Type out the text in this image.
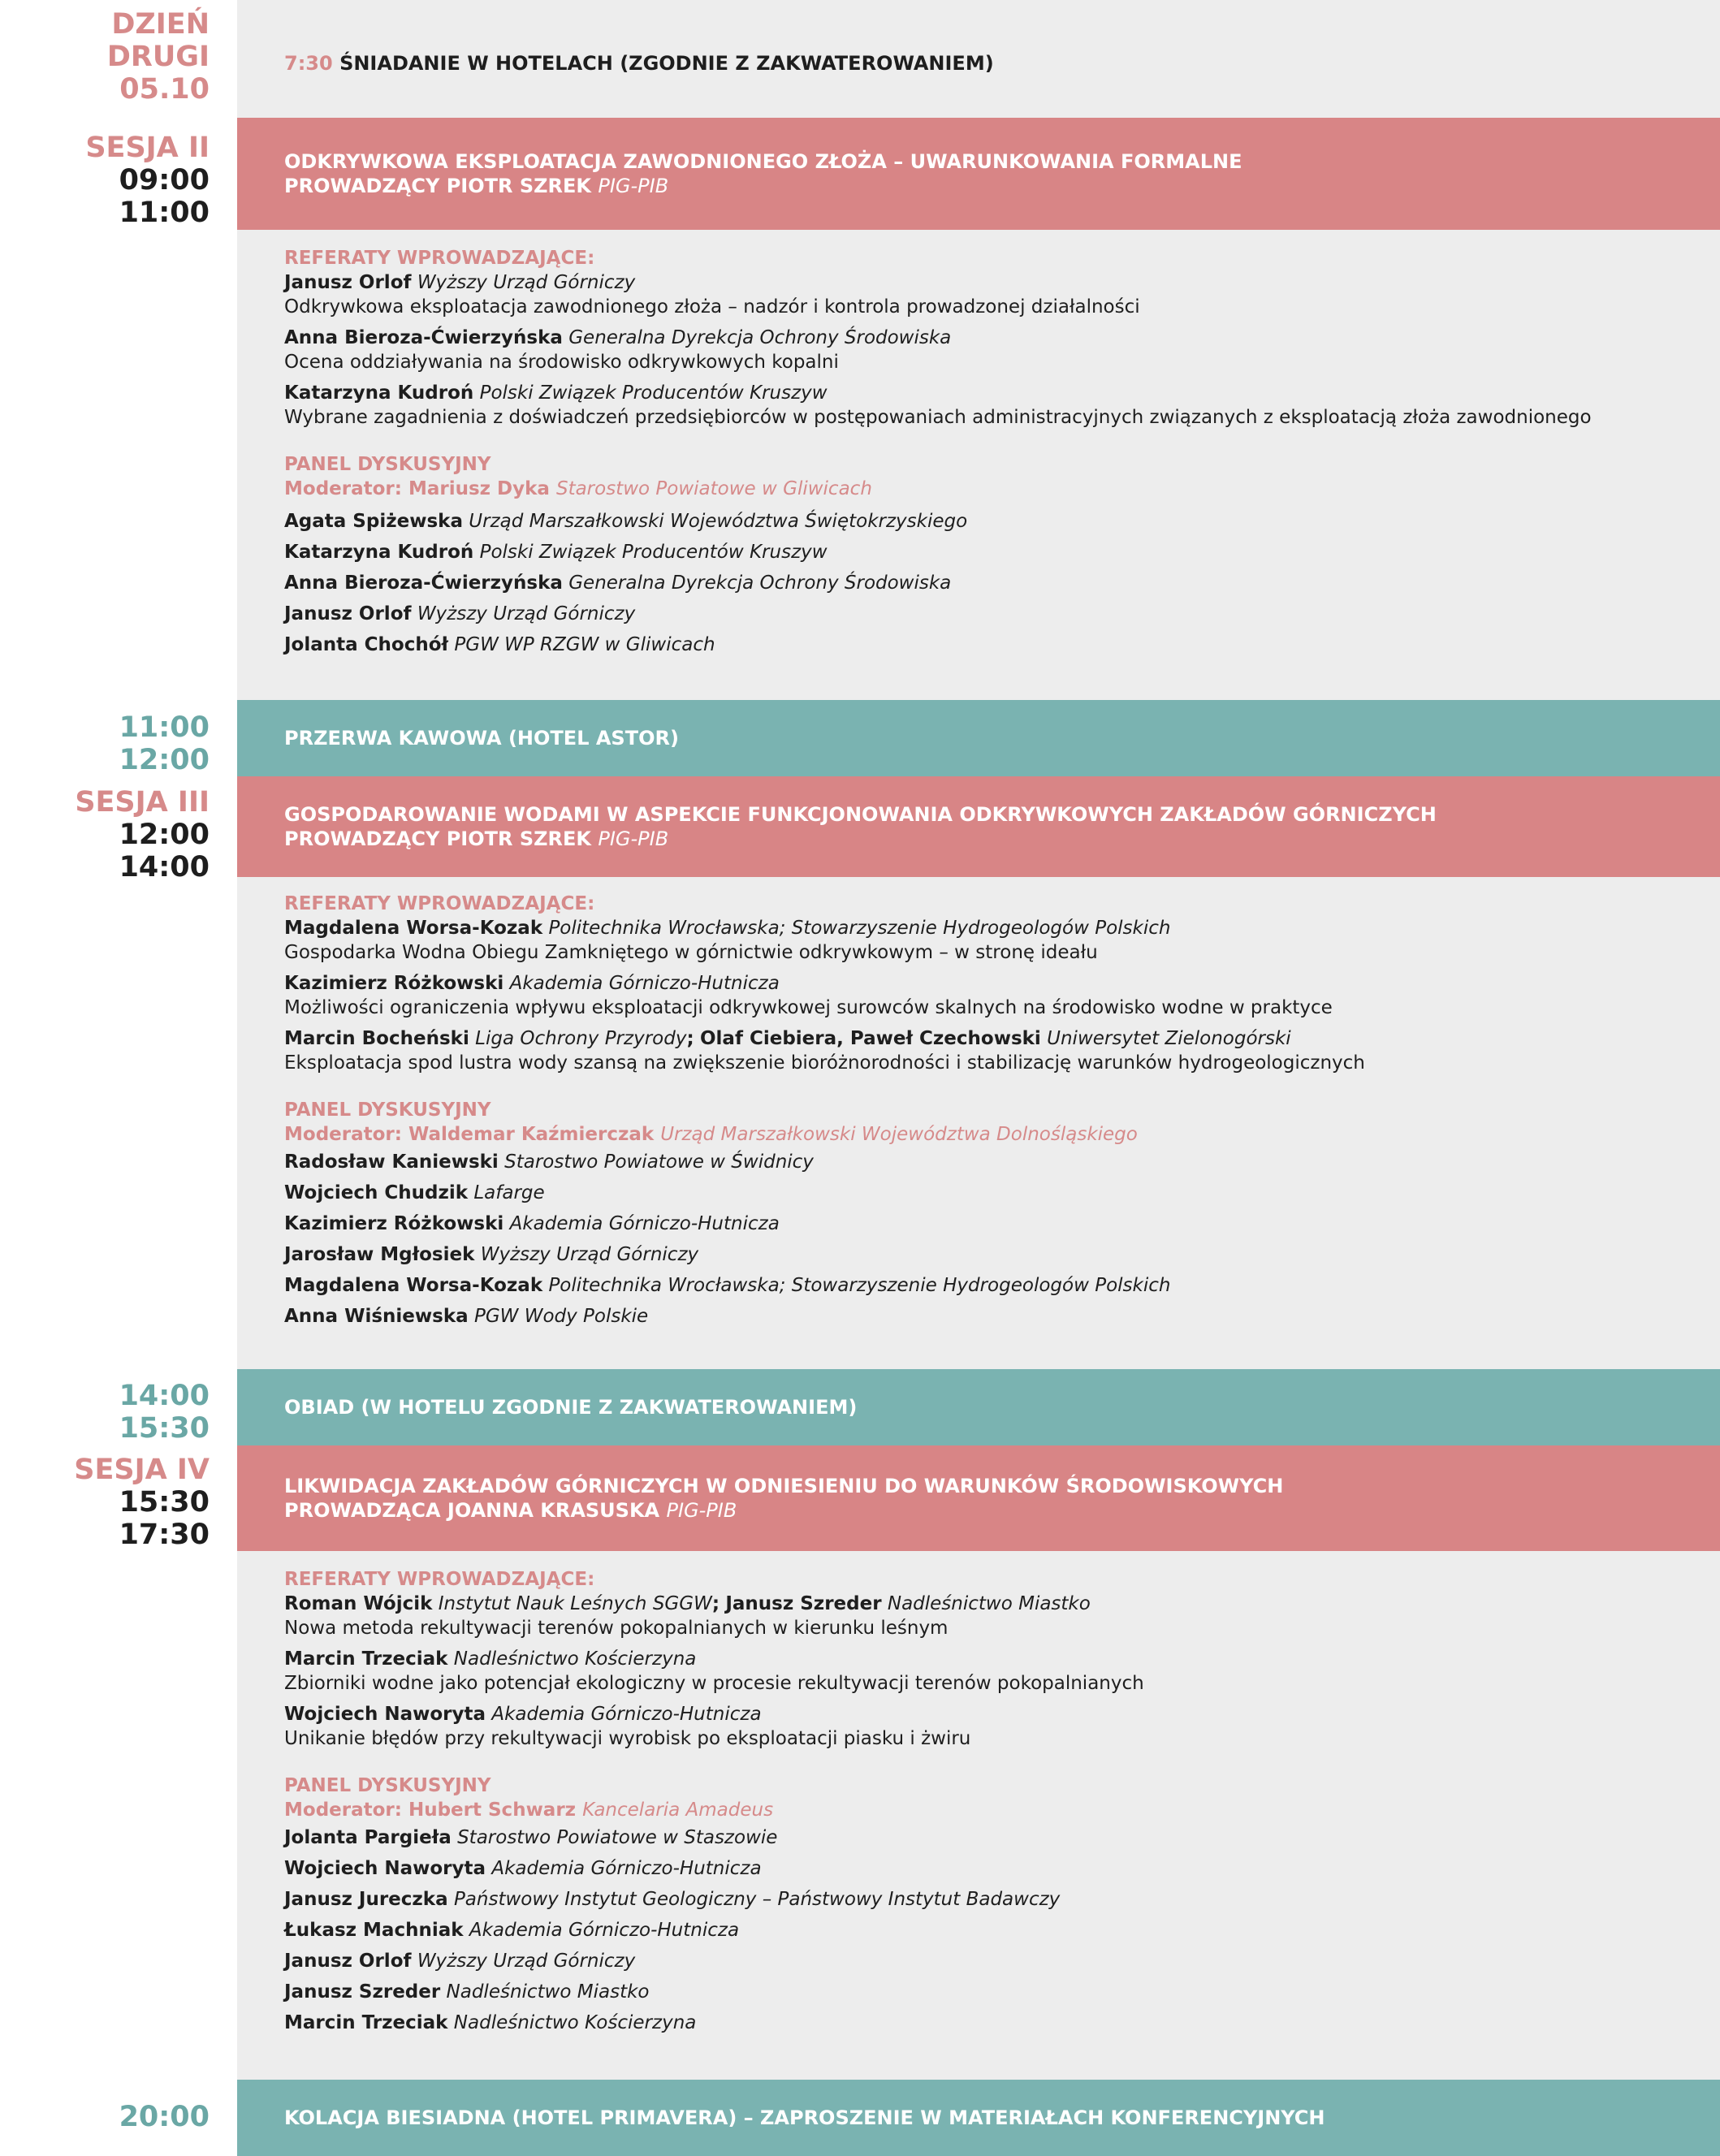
DZIEŃ
DRUGI
05.10
7:30 ŚNIADANIE W HOTELACH (ZGODNIE Z ZAKWATEROWANIEM)
SESJA II
09:00
11:00
ODKRYWKOWA EKSPLOATACJA ZAWODNIONEGO ZŁOŻA – UWARUNKOWANIA FORMALNE
PROWADZĄCY PIOTR SZREK PIG-PIB
REFERATY WPROWADZAJĄCE:
Janusz Orlof Wyższy Urząd Górniczy
Odkrywkowa eksploatacja zawodnionego złoża – nadzór i kontrola prowadzonej działalności
Anna Bieroza-Ćwierzyńska Generalna Dyrekcja Ochrony Środowiska
Ocena oddziaływania na środowisko odkrywkowych kopalni
Katarzyna Kudroń Polski Związek Producentów Kruszyw
Wybrane zagadnienia z doświadczeń przedsiębiorców w postępowaniach administracyjnych związanych z eksploatacją złoża zawodnionego
PANEL DYSKUSYJNY
Moderator: Mariusz Dyka Starostwo Powiatowe w Gliwicach
Agata Spiżewska Urząd Marszałkowski Województwa Świętokrzyskiego
Katarzyna Kudroń Polski Związek Producentów Kruszyw
Anna Bieroza-Ćwierzyńska Generalna Dyrekcja Ochrony Środowiska
Janusz Orlof Wyższy Urząd Górniczy
Jolanta Chochół PGW WP RZGW w Gliwicach
11:00
12:00
PRZERWA KAWOWA (HOTEL ASTOR)
SESJA III
12:00
14:00
GOSPODAROWANIE WODAMI W ASPEKCIE FUNKCJONOWANIA ODKRYWKOWYCH ZAKŁADÓW GÓRNICZYCH
PROWADZĄCY PIOTR SZREK PIG-PIB
REFERATY WPROWADZAJĄCE:
Magdalena Worsa-Kozak Politechnika Wrocławska; Stowarzyszenie Hydrogeologów Polskich
Gospodarka Wodna Obiegu Zamkniętego w górnictwie odkrywkowym – w stronę ideału
Kazimierz Różkowski Akademia Górniczo-Hutnicza
Możliwości ograniczenia wpływu eksploatacji odkrywkowej surowców skalnych na środowisko wodne w praktyce
Marcin Bocheński Liga Ochrony Przyrody; Olaf Ciebiera, Paweł Czechowski Uniwersytet Zielonogórski
Eksploatacja spod lustra wody szansą na zwiększenie bioróżnorodności i stabilizację warunków hydrogeologicznych
PANEL DYSKUSYJNY
Moderator: Waldemar Kaźmierczak Urząd Marszałkowski Województwa Dolnośląskiego
Radosław Kaniewski Starostwo Powiatowe w Świdnicy
Wojciech Chudzik Lafarge
Kazimierz Różkowski Akademia Górniczo-Hutnicza
Jarosław Mgłosiek Wyższy Urząd Górniczy
Magdalena Worsa-Kozak Politechnika Wrocławska; Stowarzyszenie Hydrogeologów Polskich
Anna Wiśniewska PGW Wody Polskie
14:00
15:30
OBIAD (W HOTELU ZGODNIE Z ZAKWATEROWANIEM)
SESJA IV
15:30
17:30
LIKWIDACJA ZAKŁADÓW GÓRNICZYCH W ODNIESIENIU DO WARUNKÓW ŚRODOWISKOWYCH
PROWADZĄCA JOANNA KRASUSKA PIG-PIB
REFERATY WPROWADZAJĄCE:
Roman Wójcik Instytut Nauk Leśnych SGGW; Janusz Szreder Nadleśnictwo Miastko
Nowa metoda rekultywacji terenów pokopalnianych w kierunku leśnym
Marcin Trzeciak Nadleśnictwo Kościerzyna
Zbiorniki wodne jako potencjał ekologiczny w procesie rekultywacji terenów pokopalnianych
Wojciech Naworyta Akademia Górniczo-Hutnicza
Unikanie błędów przy rekultywacji wyrobisk po eksploatacji piasku i żwiru
PANEL DYSKUSYJNY
Moderator: Hubert Schwarz Kancelaria Amadeus
Jolanta Pargieła Starostwo Powiatowe w Staszowie
Wojciech Naworyta Akademia Górniczo-Hutnicza
Janusz Jureczka Państwowy Instytut Geologiczny – Państwowy Instytut Badawczy
Łukasz Machniak Akademia Górniczo-Hutnicza
Janusz Orlof Wyższy Urząd Górniczy
Janusz Szreder Nadleśnictwo Miastko
Marcin Trzeciak Nadleśnictwo Kościerzyna
20:00	KOLACJA BIESIADNA (HOTEL PRIMAVERA) – ZAPROSZENIE W MATERIAŁACH KONFERENCYJNYCH
